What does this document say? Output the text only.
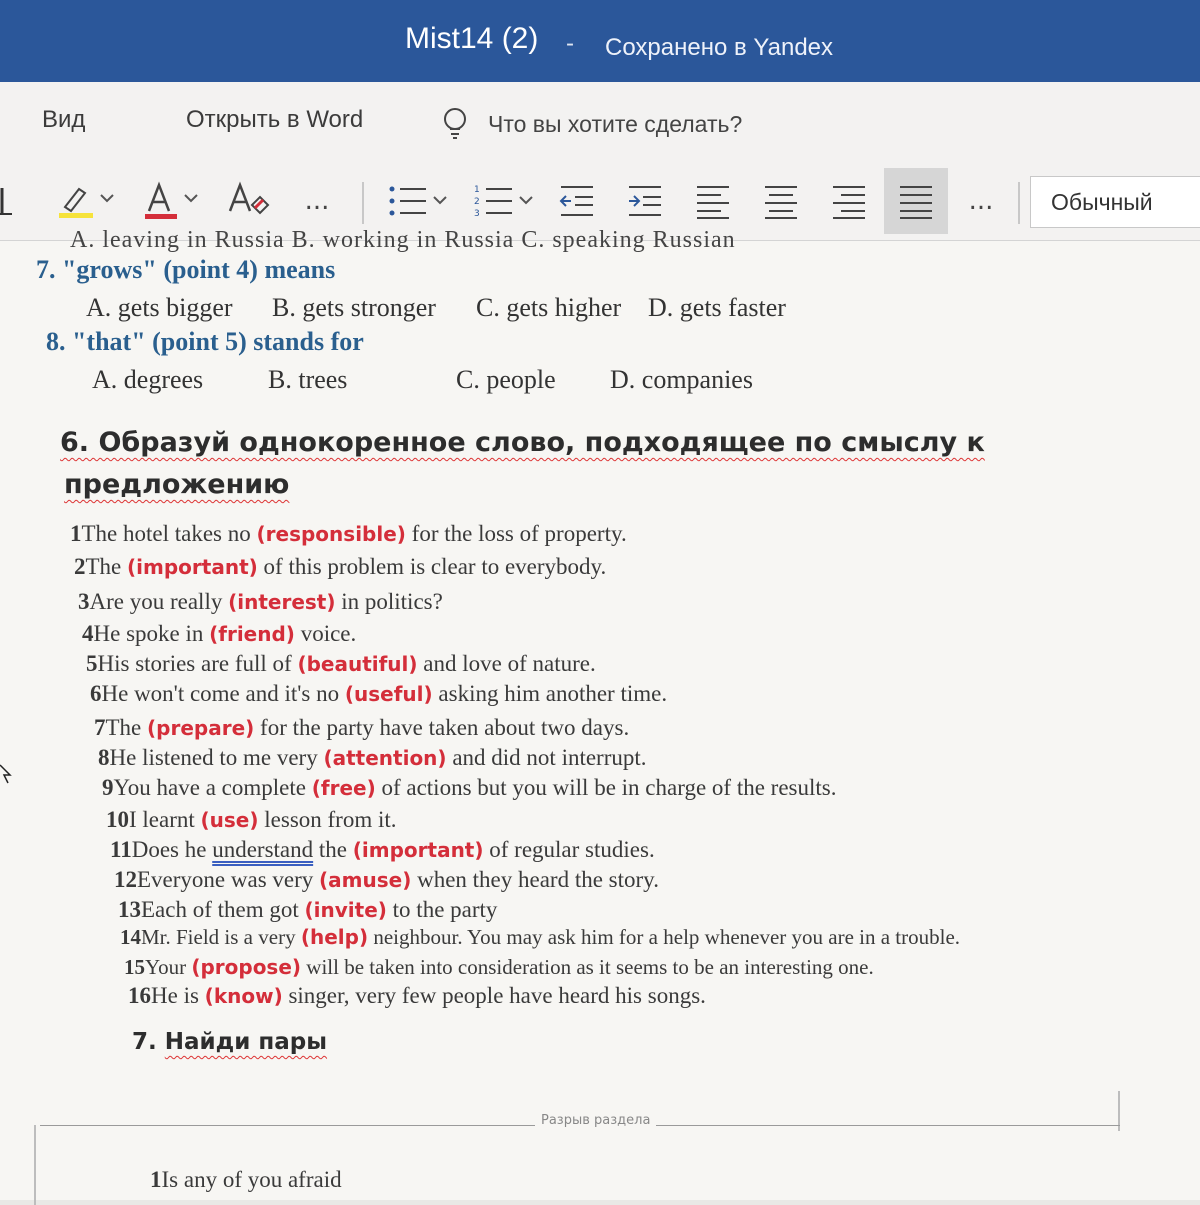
Mist14 (2) - Сохранено в Yandex
Вид	Открыть в Word	Что вы хотите сделать?
...	1
2
3	...	Обычный
A. leaving in Russia B. working in Russia C. speaking Russian
7. "grows" (point 4) means
A. gets bigger B. gets stronger C. gets higher D. gets faster
8. "that" (point 5) stands for
A. degrees B. trees	C. people D. companies
6. Образуй однокоренное слово, подходящее по смыслу к
предложению
1The hotel takes no (responsible) for the loss of property.
2The (important) of this problem is clear to everybody.
3Are you really (interest) in politics?
4He spoke in (friend) voice.
5His stories are full of (beautiful) and love of nature.
6He won't come and it's no (useful) asking him another time.
7The (prepare) for the party have taken about two days.
8He listened to me very (attention) and did not interrupt.
9You have a complete (free) of actions but you will be in charge of the results.
10I learnt (use) lesson from it.
11Does he understand the (important) of regular studies.
12Everyone was very (amuse) when they heard the story.
13Each of them got (invite) to the party
14Mr. Field is a very (help) neighbour. You may ask him for a help whenever you are in a trouble.
15Your (propose) will be taken into consideration as it seems to be an interesting one.
16He is (know) singer, very few people have heard his songs.
7. Найди пары
Разрыв раздела
1Is any of you afraid
